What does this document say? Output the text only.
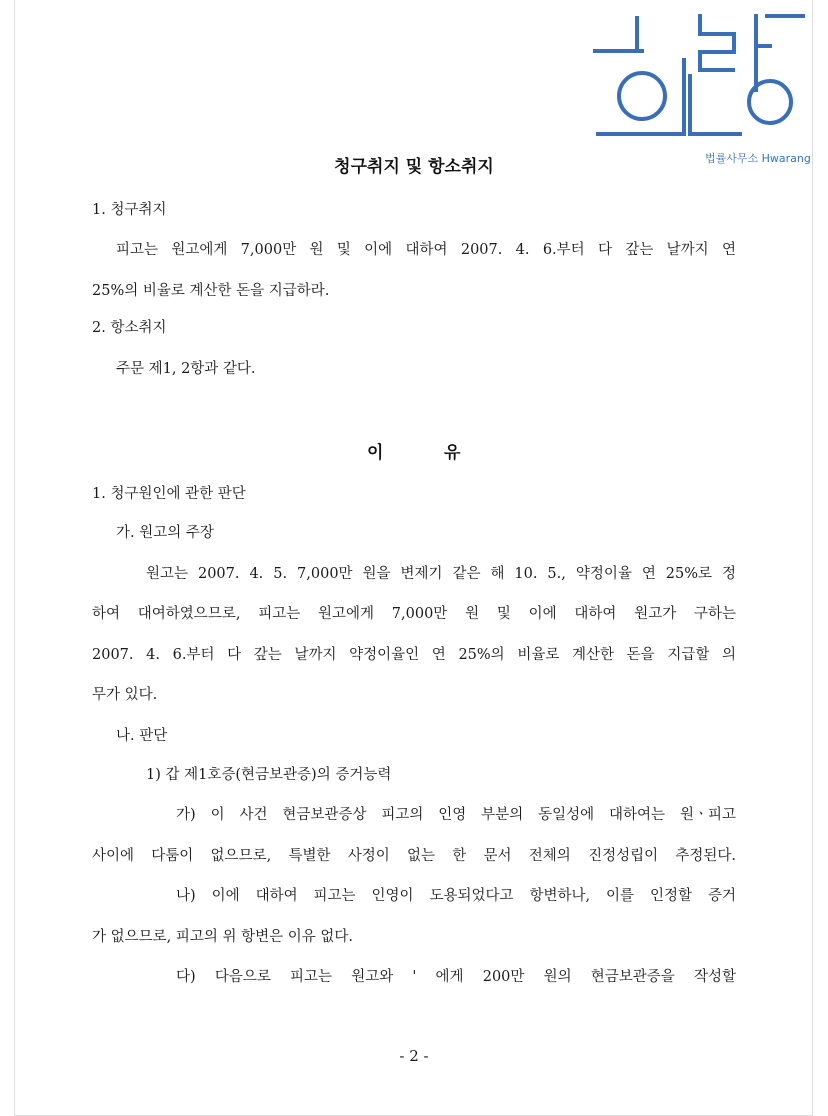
법률사무소 Hwarang
청구취지 및 항소취지
1. 청구취지
피고는 원고에게 7,000만 원 및 이에 대하여 2007. 4. 6.부터 다 갚는 날까지 연
25%의 비율로 계산한 돈을 지급하라.
2. 항소취지
주문 제1, 2항과 같다.
이	유
1. 청구원인에 관한 판단
가. 원고의 주장
원고는 2007. 4. 5. 7,000만 원을 변제기 같은 해 10. 5., 약정이율 연 25%로 정
하여 대여하였으므로, 피고는 원고에게 7,000만 원 및 이에 대하여 원고가 구하는
2007. 4. 6.부터 다 갚는 날까지 약정이율인 연 25%의 비율로 계산한 돈을 지급할 의
무가 있다.
나. 판단
1) 갑 제1호증(현금보관증)의 증거능력
가) 이 사건 현금보관증상 피고의 인영 부분의 동일성에 대하여는 원ㆍ피고
사이에 다툼이 없으므로, 특별한 사정이 없는 한 문서 전체의 진정성립이 추정된다.
나) 이에 대하여 피고는 인영이 도용되었다고 항변하나, 이를 인정할 증거
가 없으므로, 피고의 위 항변은 이유 없다.
다) 다음으로 피고는 원고와 ' 에게 200만 원의 현금보관증을 작성할
- 2 -
